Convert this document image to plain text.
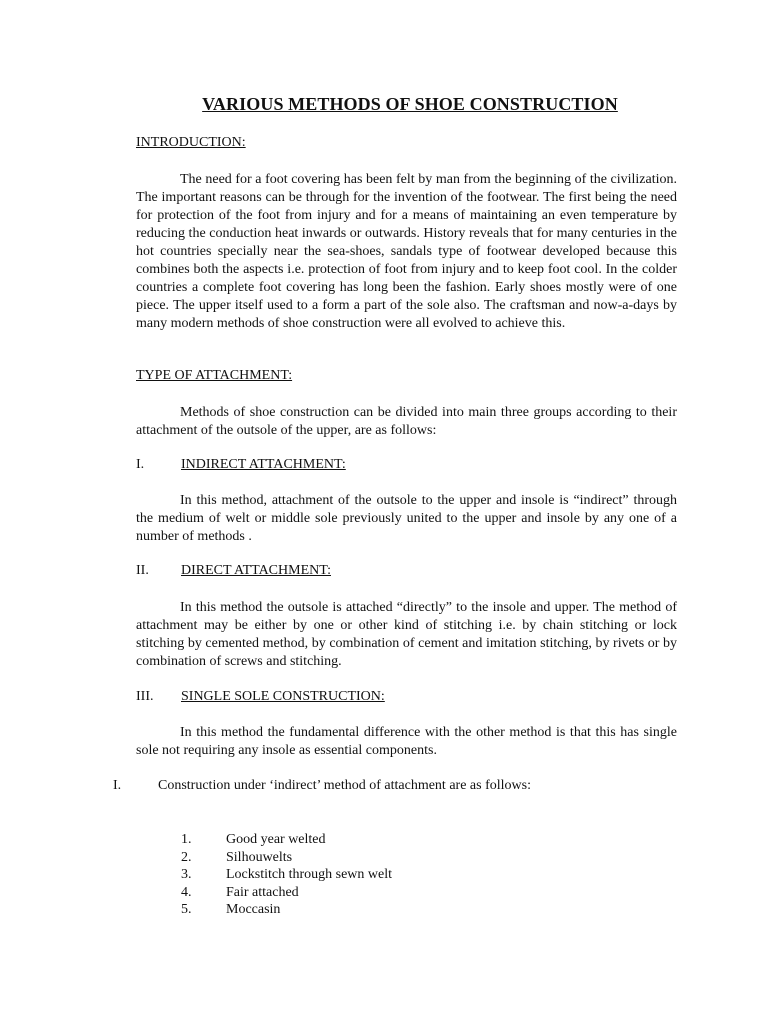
VARIOUS METHODS OF SHOE CONSTRUCTION
INTRODUCTION:

The need for a foot covering has been felt by man from the beginning of the civilization. The important reasons can be through for the invention of the footwear. The first being the need for protection of the foot from injury and for a means of maintaining an even temperature by reducing the conduction heat inwards or outwards. History reveals that for many centuries in the hot countries specially near the sea-shoes, sandals type of footwear developed because this combines both the aspects i.e. protection of foot from injury and to keep foot cool. In the colder countries a complete foot covering has long been the fashion. Early shoes mostly were of one piece. The upper itself used to a form a part of the sole also. The craftsman and now-a-days by many modern methods of shoe construction were all evolved to achieve this.

TYPE OF ATTACHMENT:

Methods of shoe construction can be divided into main three groups according to their attachment of the outsole of the upper, are as follows:

I.	INDIRECT ATTACHMENT:

In this method, attachment of the outsole to the upper and insole is “indirect” through the medium of welt or middle sole previously united to the upper and insole by any one of a number of methods .

II. DIRECT ATTACHMENT:

In this method the outsole is attached “directly” to the insole and upper. The method of attachment may be either by one or other kind of stitching i.e. by chain stitching or lock stitching by cemented method, by combination of cement and imitation stitching, by rivets or by combination of screws and stitching.

III. SINGLE SOLE CONSTRUCTION:

In this method the fundamental difference with the other method is that this has single sole not requiring any insole as essential components.

I.	Construction under ‘indirect’ method of attachment are as follows:
1. Good year welted
2. Silhouwelts
3. Lockstitch through sewn welt
4. Fair attached
5. Moccasin
